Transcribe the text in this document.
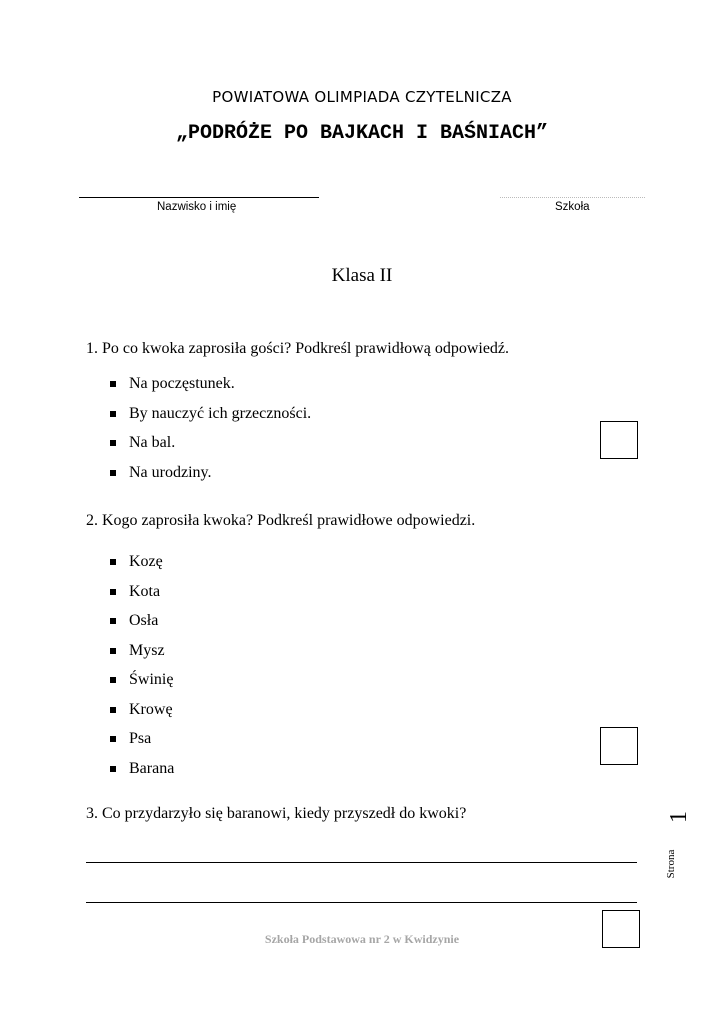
POWIATOWA OLIMPIADA CZYTELNICZA
„PODRÓŻE PO BAJKACH I BAŚNIACH”
Nazwisko i imię	Szkoła
Klasa II
1. Po co kwoka zaprosiła gości? Podkreśl prawidłową odpowiedź.
Na poczęstunek.
By nauczyć ich grzeczności.
Na bal.
Na urodziny.
2. Kogo zaprosiła kwoka? Podkreśl prawidłowe odpowiedzi.
Kozę
Kota
Osła
Mysz
Świnię
Krowę
Psa
Barana
3. Co przydarzyło się baranowi, kiedy przyszedł do kwoki?
Szkoła Podstawowa nr 2 w Kwidzynie
Strona
1
